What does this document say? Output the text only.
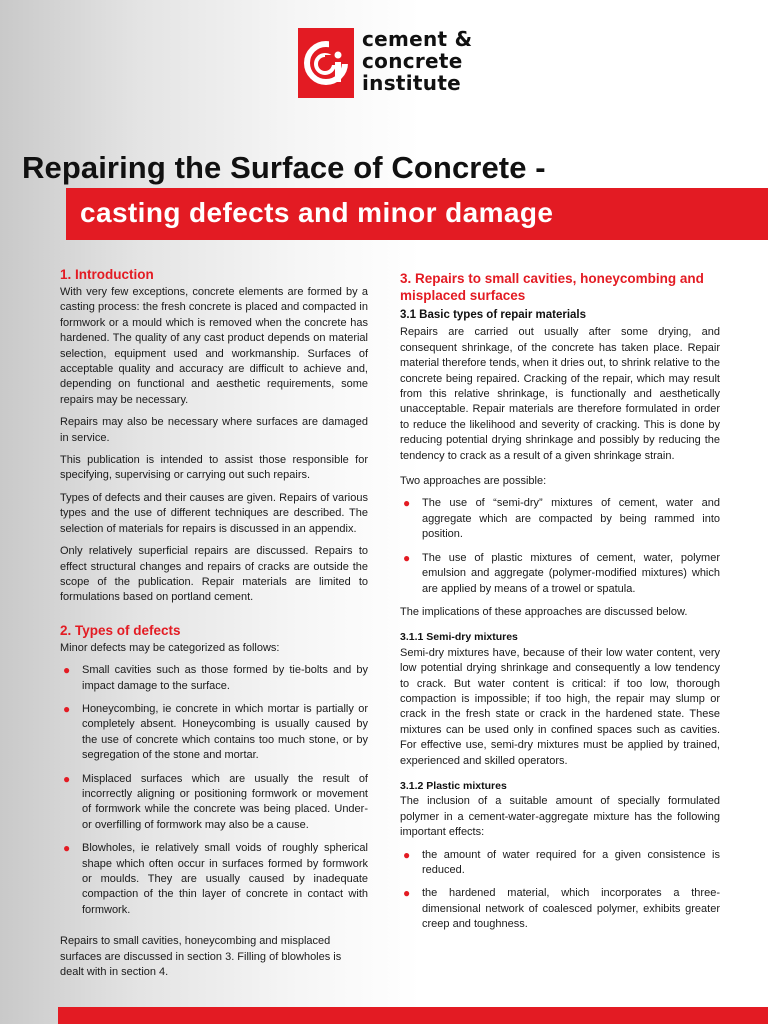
cement &
concrete
institute
Repairing the Surface of Concrete -
casting defects and minor damage
1. Introduction

With very few exceptions, concrete elements are formed by a casting process: the fresh concrete is placed and compacted in formwork or a mould which is removed when the concrete has hardened. The quality of any cast product depends on material selection, equipment used and workmanship. Surfaces of acceptable quality and accuracy are difficult to achieve and, depending on functional and aesthetic requirements, some repairs may be necessary.

Repairs may also be necessary where surfaces are damaged in service.

This publication is intended to assist those responsible for specifying, supervising or carrying out such repairs.

Types of defects and their causes are given. Repairs of various types and the use of different techniques are described. The selection of materials for repairs is discussed in an appendix.

Only relatively superficial repairs are discussed. Repairs to effect structural changes and repairs of cracks are outside the scope of the publication. Repair materials are limited to formulations based on portland cement.

2. Types of defects

Minor defects may be categorized as follows:

● Small cavities such as those formed by tie-bolts and by impact damage to the surface.
● Honeycombing, ie concrete in which mortar is partially or completely absent. Honeycombing is usually caused by the use of concrete which contains too much stone, or by segregation of the stone and mortar.
● Misplaced surfaces which are usually the result of incorrectly aligning or positioning formwork or movement of formwork while the concrete was being placed. Under- or overfilling of formwork may also be a cause.
● Blowholes, ie relatively small voids of roughly spherical shape which often occur in surfaces formed by formwork or moulds. They are usually caused by inadequate compaction of the thin layer of concrete in contact with formwork.

Repairs to small cavities, honeycombing and misplaced surfaces are discussed in section 3. Filling of blowholes is dealt with in section 4.

3. Repairs to small cavities, honeycombing and misplaced surfaces
3.1 Basic types of repair materials

Repairs are carried out usually after some drying, and consequent shrinkage, of the concrete has taken place. Repair material therefore tends, when it dries out, to shrink relative to the concrete being repaired. Cracking of the repair, which may result from this relative shrinkage, is functionally and aesthetically unacceptable. Repair materials are therefore formulated in order to reduce the likelihood and severity of cracking. This is done by reducing potential drying shrinkage and possibly by reducing the tendency to crack as a result of a given shrinkage strain.

Two approaches are possible:

● The use of “semi-dry” mixtures of cement, water and aggregate which are compacted by being rammed into position.
● The use of plastic mixtures of cement, water, polymer emulsion and aggregate (polymer-modified mixtures) which are applied by means of a trowel or spatula.

The implications of these approaches are discussed below.

3.1.1 Semi-dry mixtures

Semi-dry mixtures have, because of their low water content, very low potential drying shrinkage and consequently a low tendency to crack. But water content is critical: if too low, thorough compaction is impossible; if too high, the repair may slump or crack in the fresh state or crack in the hardened state. These mixtures can be used only in confined spaces such as cavities. For effective use, semi-dry mixtures must be applied by trained, experienced and skilled operators.

3.1.2 Plastic mixtures

The inclusion of a suitable amount of specially formulated polymer in a cement-water-aggregate mixture has the following important effects:

● the amount of water required for a given consistence is reduced.
● the hardened material, which incorporates a three-dimensional network of coalesced polymer, exhibits greater creep and toughness.
